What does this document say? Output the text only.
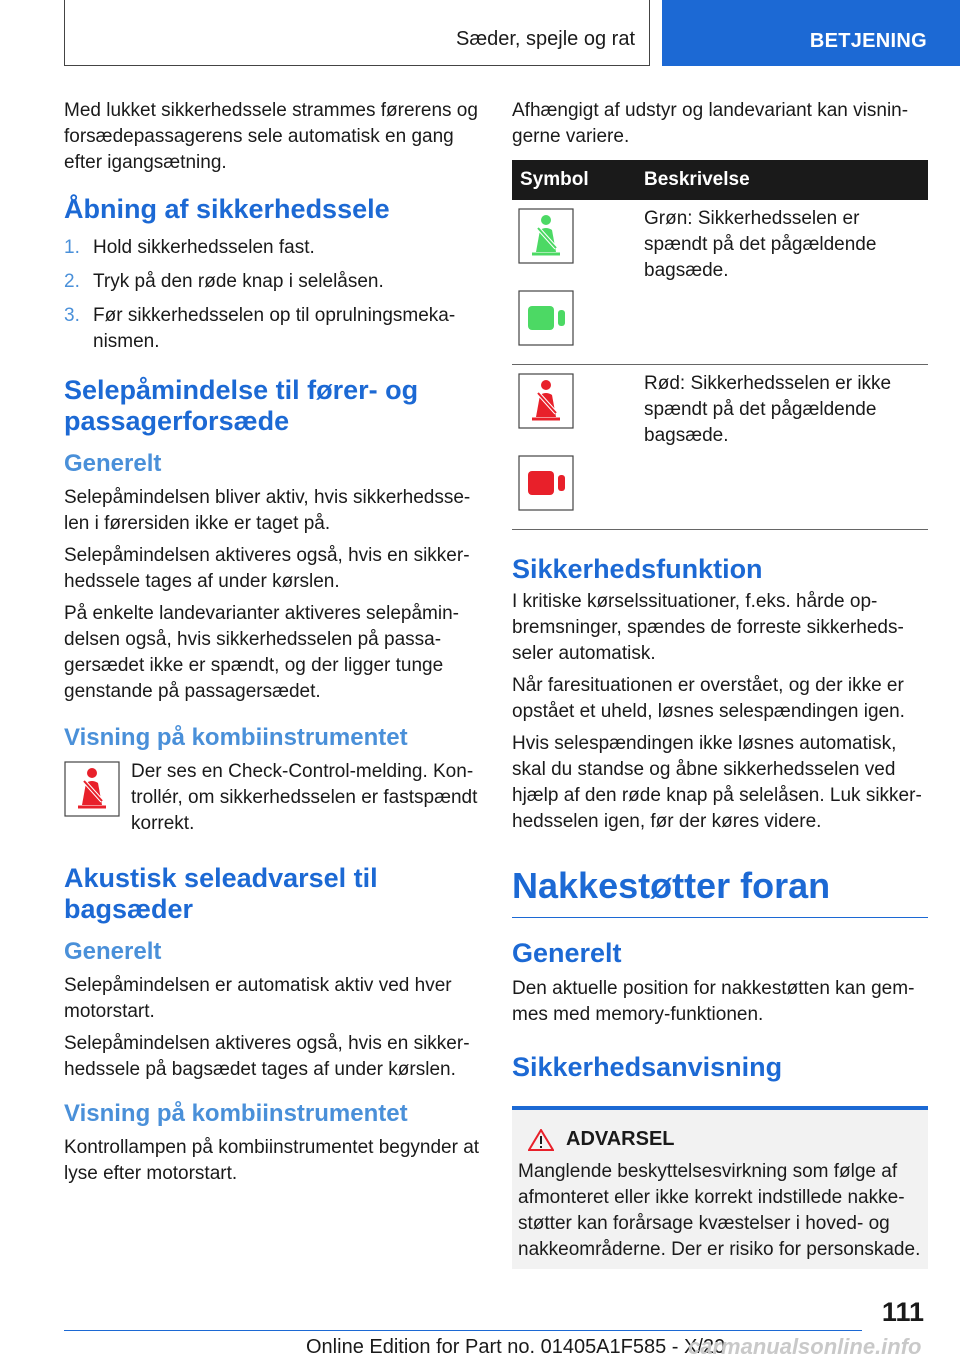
Sæder, spejle og rat	BETJENING

Med lukket sikkerhedssele strammes førerens og forsædepassagerens sele automatisk en gang efter igangsætning.

Åbning af sikkerhedssele
1. Hold sikkerhedsselen fast.
2. Tryk på den røde knap i selelåsen.
3. Før sikkerhedsselen op til oprulningsmekanismen.
Selepåmindelse til fører- og passagerforsæde
Generelt

Selepåmindelsen bliver aktiv, hvis sikkerhedsselen i førersiden ikke er taget på.

Selepåmindelsen aktiveres også, hvis en sikkerhedssele tages af under kørslen.

På enkelte landevarianter aktiveres selepåmindelsen også, hvis sikkerhedsselen på passagersædet ikke er spændt, og der ligger tunge genstande på passagersædet.

Visning på kombiinstrumentet
Der ses en Check-Control-melding. Kontrollér, om sikkerhedsselen er fastspændt korrekt.
Akustisk seleadvarsel til bagsæder
Generelt

Selepåmindelsen er automatisk aktiv ved hver motorstart.

Selepåmindelsen aktiveres også, hvis en sikkerhedssele på bagsædet tages af under kørslen.

Visning på kombiinstrumentet

Kontrollampen på kombiinstrumentet begynder at lyse efter motorstart.

Afhængigt af udstyr og landevariant kan visningerne variere.

Symbol	Beskrivelse

	Grøn: Sikkerhedsselen er spændt på det pågældende bagsæde.

	Rød: Sikkerhedsselen er ikke spændt på det pågældende bagsæde.
Sikkerhedsfunktion

I kritiske kørselssituationer, f.eks. hårde opbremsninger, spændes de forreste sikkerhedsseler automatisk.

Når faresituationen er overstået, og der ikke er opstået et uheld, løsnes selespændingen igen.

Hvis selespændingen ikke løsnes automatisk, skal du standse og åbne sikkerhedsselen ved hjælp af den røde knap på selelåsen. Luk sikkerhedsselen igen, før der køres videre.

Nakkestøtter foran
Generelt

Den aktuelle position for nakkestøtten kan gemmes med memory-funktionen.

Sikkerhedsanvisning
ADVARSEL

Manglende beskyttelsesvirkning som følge af afmonteret eller ikke korrekt indstillede nakkestøtter kan forårsage kvæstelser i hoved- og nakkeområderne. Der er risiko for personskade.

111
Online Edition for Part no. 01405A1F585 - X/20
carmanualsonline.info
